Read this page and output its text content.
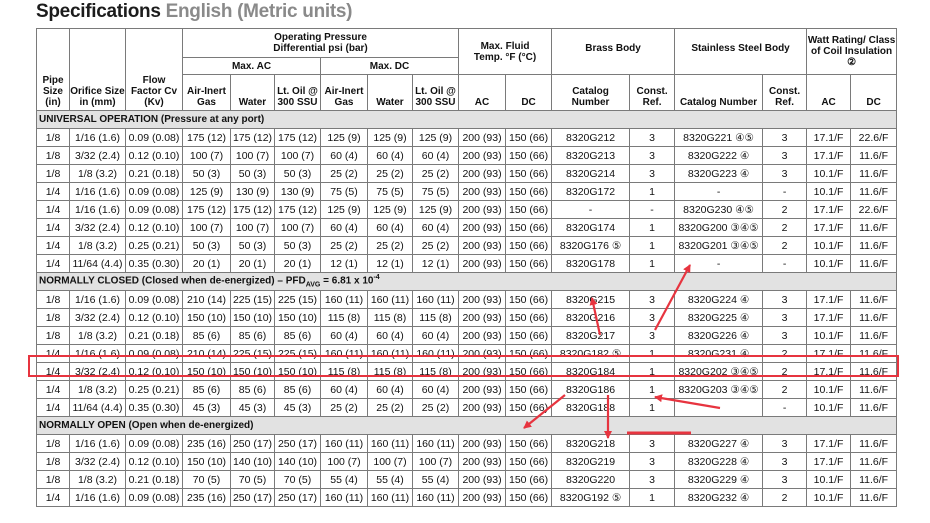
Specifications English (Metric units)
Pipe Size (in)	Orifice Size in (mm)	Flow Factor Cv (Kv)	Operating Pressure
Differential psi (bar)						Max. Fluid
Temp. °F (°C)		Brass Body		Stainless Steel Body		Watt Rating/ Class of Coil Insulation ②	
			Max. AC			Max. DC										
			Air-Inert Gas	Water	Lt. Oil @ 300 SSU	Air-Inert Gas	Water	Lt. Oil @ 300 SSU	AC	DC	Catalog Number	Const. Ref.	Catalog Number	Const. Ref.	AC	DC
UNIVERSAL OPERATION (Pressure at any port)																
1/8	1/16 (1.6)	0.09 (0.08)	175 (12)	175 (12)	175 (12)	125 (9)	125 (9)	125 (9)	200 (93)	150 (66)	8320G212	3	8320G221 ④⑤	3	17.1/F	22.6/F
1/8	3/32 (2.4)	0.12 (0.10)	100 (7)	100 (7)	100 (7)	60 (4)	60 (4)	60 (4)	200 (93)	150 (66)	8320G213	3	8320G222 ④	3	17.1/F	11.6/F
1/8	1/8 (3.2)	0.21 (0.18)	50 (3)	50 (3)	50 (3)	25 (2)	25 (2)	25 (2)	200 (93)	150 (66)	8320G214	3	8320G223 ④	3	10.1/F	11.6/F
1/4	1/16 (1.6)	0.09 (0.08)	125 (9)	130 (9)	130 (9)	75 (5)	75 (5)	75 (5)	200 (93)	150 (66)	8320G172	1	-	-	10.1/F	11.6/F
1/4	1/16 (1.6)	0.09 (0.08)	175 (12)	175 (12)	175 (12)	125 (9)	125 (9)	125 (9)	200 (93)	150 (66)	-	-	8320G230 ④⑤	2	17.1/F	22.6/F
1/4	3/32 (2.4)	0.12 (0.10)	100 (7)	100 (7)	100 (7)	60 (4)	60 (4)	60 (4)	200 (93)	150 (66)	8320G174	1	8320G200 ③④⑤	2	17.1/F	11.6/F
1/4	1/8 (3.2)	0.25 (0.21)	50 (3)	50 (3)	50 (3)	25 (2)	25 (2)	25 (2)	200 (93)	150 (66)	8320G176 ⑤	1	8320G201 ③④⑤	2	10.1/F	11.6/F
1/4	11/64 (4.4)	0.35 (0.30)	20 (1)	20 (1)	20 (1)	12 (1)	12 (1)	12 (1)	200 (93)	150 (66)	8320G178	1	-	-	10.1/F	11.6/F
NORMALLY CLOSED (Closed when de-energized) – $PFD_{AVG} = 6.81$ x $10^{-4}$
1/8	1/16 (1.6)	0.09 (0.08)	210 (14)	225 (15)	225 (15)	160 (11)	160 (11)	160 (11)	200 (93)	150 (66)	8320G215	3	8320G224 ④	3	17.1/F	11.6/F
1/8	3/32 (2.4)	0.12 (0.10)	150 (10)	150 (10)	150 (10)	115 (8)	115 (8)	115 (8)	200 (93)	150 (66)	8320G216	3	8320G225 ④	3	17.1/F	11.6/F
1/8	1/8 (3.2)	0.21 (0.18)	85 (6)	85 (6)	85 (6)	60 (4)	60 (4)	60 (4)	200 (93)	150 (66)	8320G217	3	8320G226 ④	3	10.1/F	11.6/F
1/4	1/16 (1.6)	0.09 (0.08)	210 (14)	225 (15)	225 (15)	160 (11)	160 (11)	160 (11)	200 (93)	150 (66)	8320G182 ⑤	1	8320G231 ④	2	17.1/F	11.6/F
1/4	3/32 (2.4)	0.12 (0.10)	150 (10)	150 (10)	150 (10)	115 (8)	115 (8)	115 (8)	200 (93)	150 (66)	8320G184	1	8320G202 ③④⑤	2	17.1/F	11.6/F
1/4	1/8 (3.2)	0.25 (0.21)	85 (6)	85 (6)	85 (6)	60 (4)	60 (4)	60 (4)	200 (93)	150 (66)	8320G186	1	8320G203 ③④⑤	2	10.1/F	11.6/F
1/4	11/64 (4.4)	0.35 (0.30)	45 (3)	45 (3)	45 (3)	25 (2)	25 (2)	25 (2)	200 (93)	150 (66)	8320G188	1	-	-	10.1/F	11.6/F
NORMALLY OPEN (Open when de-energized)																
1/8	1/16 (1.6)	0.09 (0.08)	235 (16)	250 (17)	250 (17)	160 (11)	160 (11)	160 (11)	200 (93)	150 (66)	8320G218	3	8320G227 ④	3	17.1/F	11.6/F
1/8	3/32 (2.4)	0.12 (0.10)	150 (10)	140 (10)	140 (10)	100 (7)	100 (7)	100 (7)	200 (93)	150 (66)	8320G219	3	8320G228 ④	3	17.1/F	11.6/F
1/8	1/8 (3.2)	0.21 (0.18)	70 (5)	70 (5)	70 (5)	55 (4)	55 (4)	55 (4)	200 (93)	150 (66)	8320G220	3	8320G229 ④	3	10.1/F	11.6/F
1/4	1/16 (1.6)	0.09 (0.08)	235 (16)	250 (17)	250 (17)	160 (11)	160 (11)	160 (11)	200 (93)	150 (66)	8320G192 ⑤	1	8320G232 ④	2	10.1/F	11.6/F
